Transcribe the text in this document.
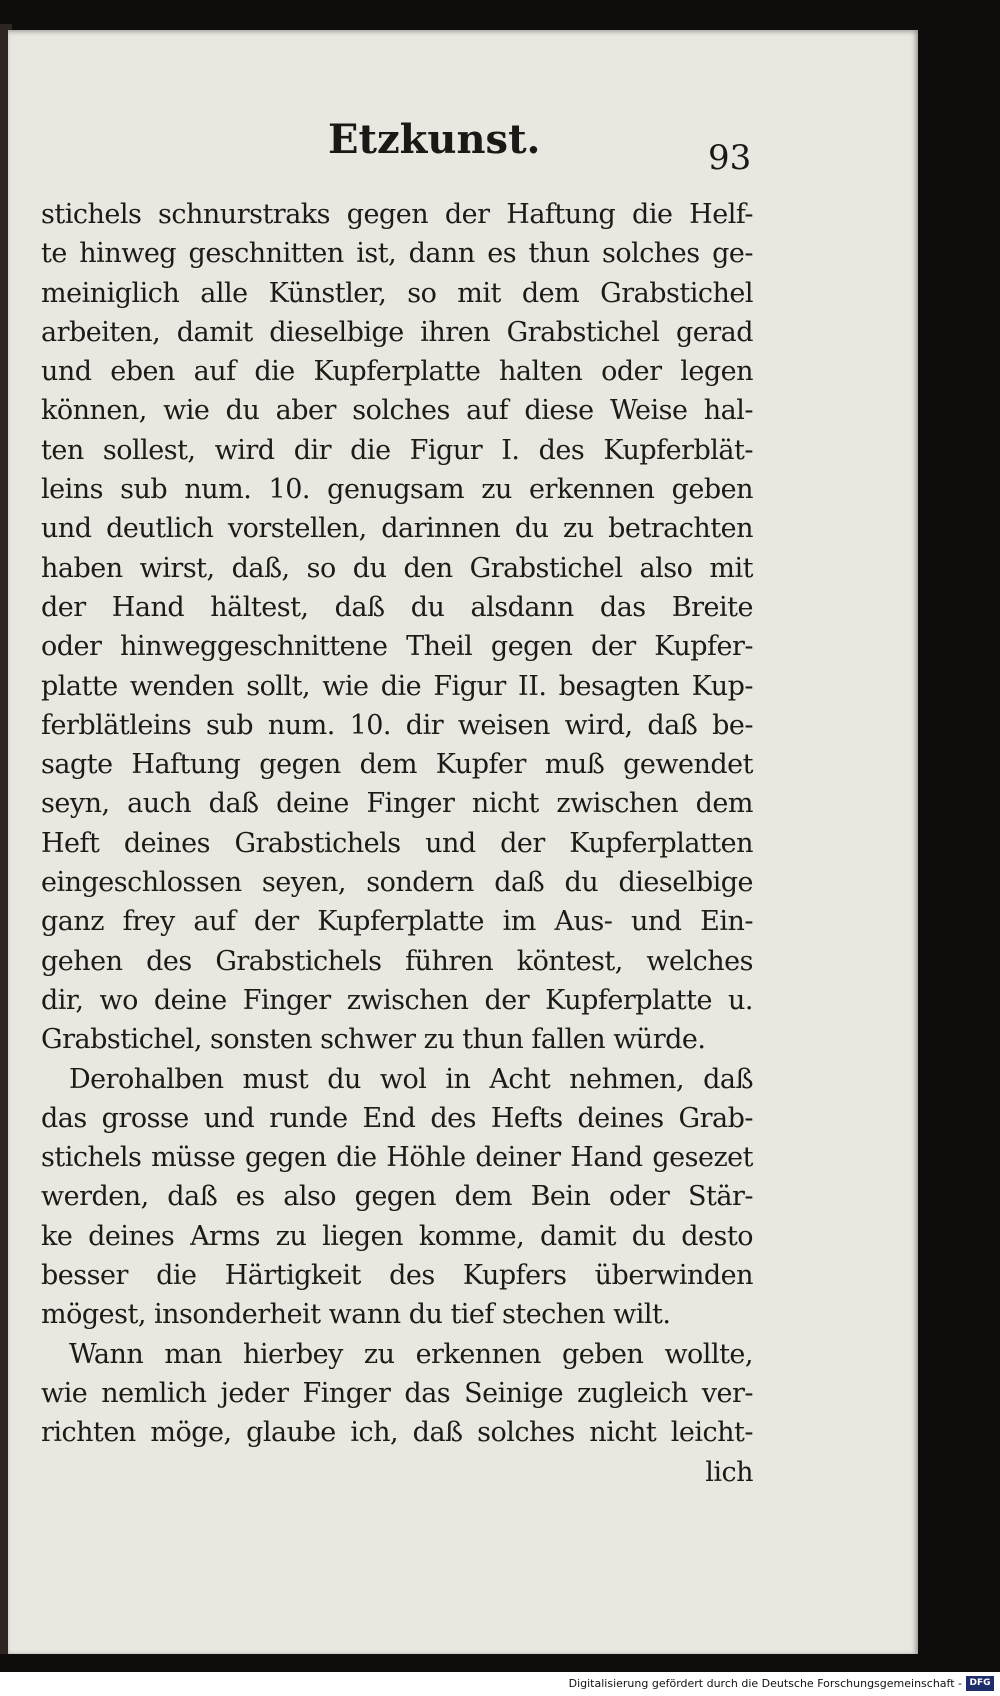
Etzkunst.	93
stichels schnurstraks gegen der Haftung die Helf-
te hinweg geschnitten ist, dann es thun solches ge-
meiniglich alle Künstler, so mit dem Grabstichel
arbeiten, damit dieselbige ihren Grabstichel gerad
und eben auf die Kupferplatte halten oder legen
können, wie du aber solches auf diese Weise hal-
ten sollest, wird dir die Figur I. des Kupferblät-
leins sub num. 10. genugsam zu erkennen geben
und deutlich vorstellen, darinnen du zu betrachten
haben wirst, daß, so du den Grabstichel also mit
der Hand hältest, daß du alsdann das Breite
oder hinweggeschnittene Theil gegen der Kupfer-
platte wenden sollt, wie die Figur II. besagten Kup-
ferblätleins sub num. 10. dir weisen wird, daß be-
sagte Haftung gegen dem Kupfer muß gewendet
seyn, auch daß deine Finger nicht zwischen dem
Heft deines Grabstichels und der Kupferplatten
eingeschlossen seyen, sondern daß du dieselbige
ganz frey auf der Kupferplatte im Aus- und Ein-
gehen des Grabstichels führen köntest, welches
dir, wo deine Finger zwischen der Kupferplatte u.
Grabstichel, sonsten schwer zu thun fallen würde.
Derohalben must du wol in Acht nehmen, daß
das grosse und runde End des Hefts deines Grab-
stichels müsse gegen die Höhle deiner Hand gesezet
werden, daß es also gegen dem Bein oder Stär-
ke deines Arms zu liegen komme, damit du desto
besser die Härtigkeit des Kupfers überwinden
mögest, insonderheit wann du tief stechen wilt.
Wann man hierbey zu erkennen geben wollte,
wie nemlich jeder Finger das Seinige zugleich ver-
richten möge, glaube ich, daß solches nicht leicht-
lich
Digitalisierung gefördert durch die Deutsche Forschungsgemeinschaft - DFG
